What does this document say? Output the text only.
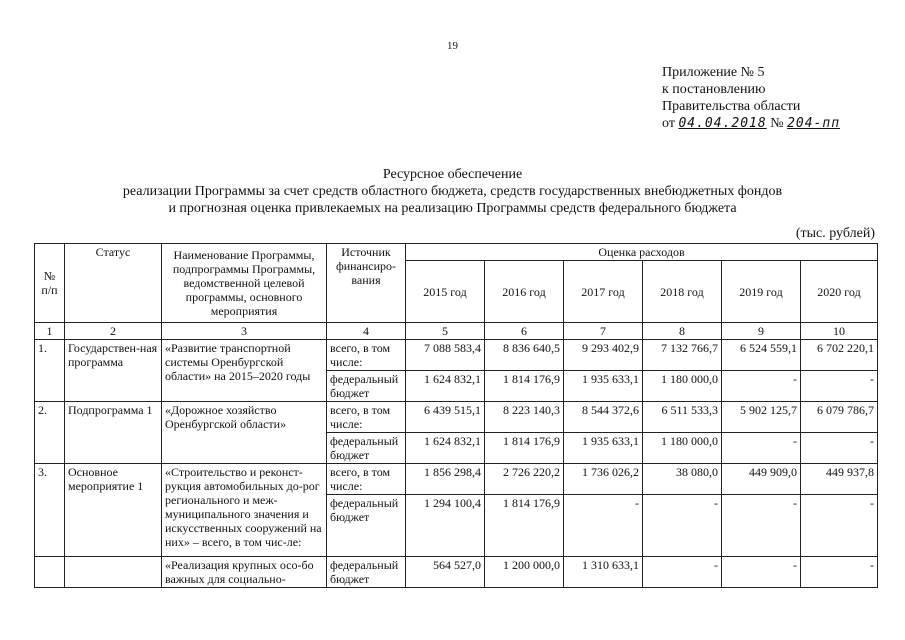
19
Приложение № 5
к постановлению
Правительства области
от 04.04.2018 № 204-пп
Ресурсное обеспечение
реализации Программы за счет средств областного бюджета, средств государственных внебюджетных фондов
и прогнозная оценка привлекаемых на реализацию Программы средств федерального бюджета
(тыс. рублей)
№ п/п	Статус	Наименование Программы, подпрограммы Программы, ведомственной целевой программы, основного мероприятия	Источник финансиро-вания	Оценка расходов					
				2015 год	2016 год	2017 год	2018 год	2019 год	2020 год
1	2	3	4	5	6	7	8	9	10
1.	Государствен-ная программа	«Развитие транспортной системы Оренбургской области» на 2015–2020 годы	всего, в том числе:	7 088 583,4	8 836 640,5	9 293 402,9	7 132 766,7	6 524 559,1	6 702 220,1
			федеральный бюджет	1 624 832,1	1 814 176,9	1 935 633,1	1 180 000,0	-	-
2.	Подпрограмма 1	«Дорожное хозяйство Оренбургской области»	всего, в том числе:	6 439 515,1	8 223 140,3	8 544 372,6	6 511 533,3	5 902 125,7	6 079 786,7
			федеральный бюджет	1 624 832,1	1 814 176,9	1 935 633,1	1 180 000,0	-	-
3.	Основное мероприятие 1	«Строительство и реконст-рукция автомобильных до-рог регионального и меж-муниципального значения и искусственных сооружений на них» – всего, в том чис-ле:	всего, в том числе:	1 856 298,4	2 726 220,2	1 736 026,2	38 080,0	449 909,0	449 937,8
			федеральный бюджет	1 294 100,4	1 814 176,9	-	-	-	-
		«Реализация крупных осо-бо важных для социально-	федеральный бюджет	564 527,0	1 200 000,0	1 310 633,1	-	-	-
